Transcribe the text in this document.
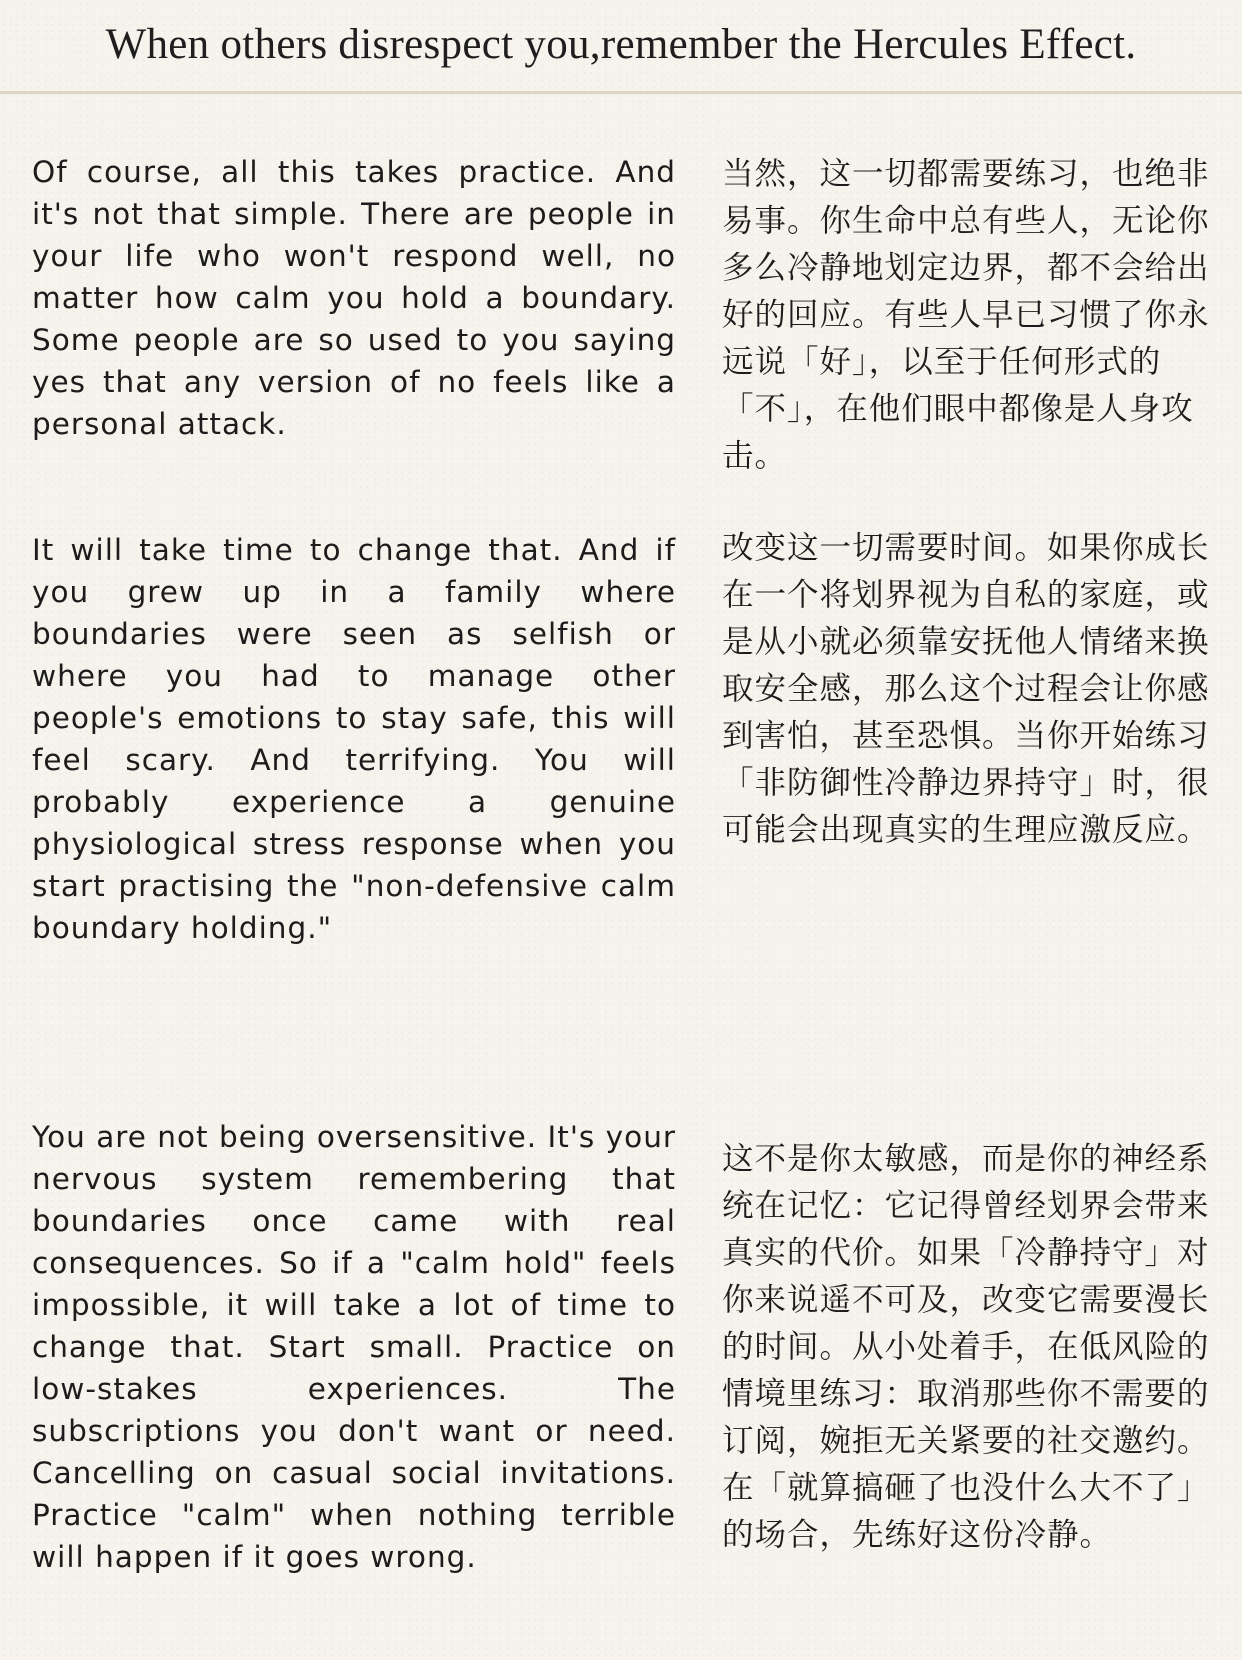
When others disrespect you,remember the Hercules Effect.

Of course, all this takes practice. And it's not that simple. There are people in your life who won't respond well, no matter how calm you hold a boundary. Some people are so used to you saying yes that any version of no feels like a personal attack.

当然，这一切都需要练习，也绝非易事。你生命中总有些人，无论你多么冷静地划定边界，都不会给出好的回应。有些人早已习惯了你永远说「好」，以至于任何形式的「不」，在他们眼中都像是人身攻击。

It will take time to change that. And if you grew up in a family where boundaries were seen as selfish or where you had to manage other people's emotions to stay safe, this will feel scary. And terrifying. You will probably experience a genuine physiological stress response when you start practising the "non-defensive calm boundary holding."

改变这一切需要时间。如果你成长在一个将划界视为自私的家庭，或是从小就必须靠安抚他人情绪来换取安全感，那么这个过程会让你感到害怕，甚至恐惧。当你开始练习「非防御性冷静边界持守」时，很可能会出现真实的生理应激反应。

You are not being oversensitive. It's your nervous system remembering that boundaries once came with real consequences. So if a "calm hold" feels impossible, it will take a lot of time to change that. Start small. Practice on low-stakes experiences. The subscriptions you don't want or need. Cancelling on casual social invitations. Practice "calm" when nothing terrible will happen if it goes wrong.

这不是你太敏感，而是你的神经系统在记忆：它记得曾经划界会带来真实的代价。如果「冷静持守」对你来说遥不可及，改变它需要漫长的时间。从小处着手，在低风险的情境里练习：取消那些你不需要的订阅，婉拒无关紧要的社交邀约。在「就算搞砸了也没什么大不了」的场合，先练好这份冷静。
